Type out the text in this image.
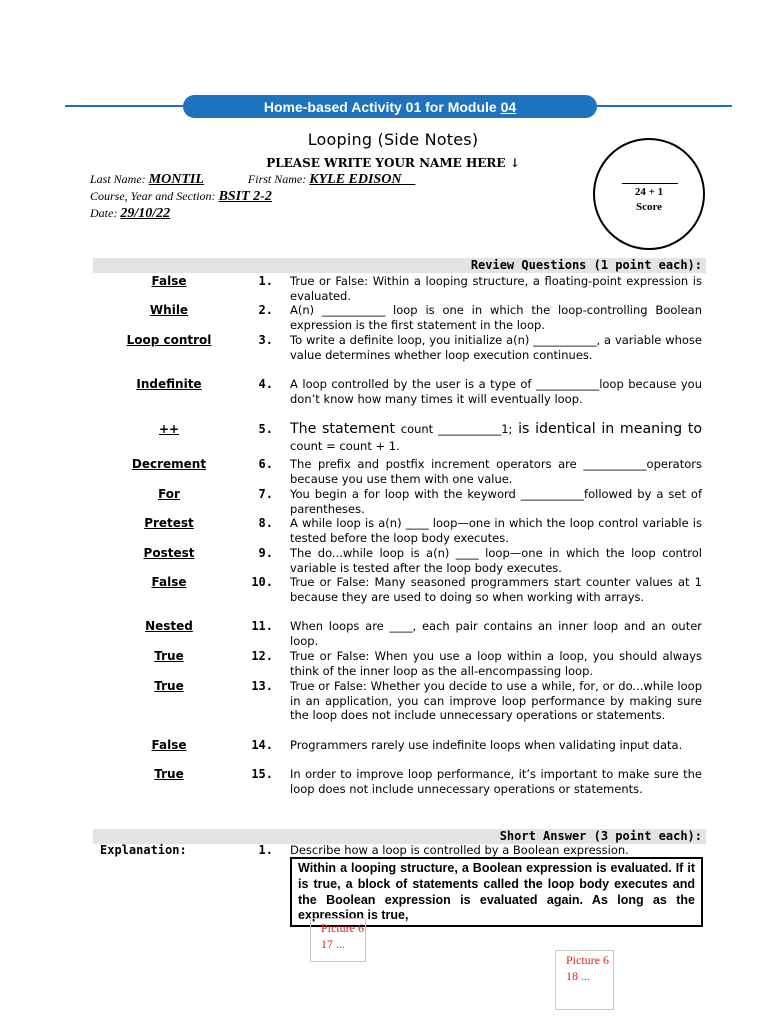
Home-based Activity 01 for Module 04
Looping (Side Notes)
PLEASE WRITE YOUR NAME HERE ↓
Last Name: MONTIL	First Name: KYLE EDISON
Course, Year and Section: BSIT 2-2
Date: 29/10/22
24 + 1
Score
Review Questions (1 point each):
False	1. True or False: Within a looping structure, a floating-point expression is evaluated.
While	2. A(n) ___________ loop is one in which the loop-controlling Boolean expression is the first statement in the loop.
Loop control	3. To write a definite loop, you initialize a(n) ___________, a variable whose value determines whether loop execution continues.
Indefinite	4. A loop controlled by the user is a type of ___________loop because you don’t know how many times it will eventually loop.
++	5. The statement count ___________1; is identical in meaning to count = count + 1.
Decrement	6. The prefix and postfix increment operators are ___________operators because you use them with one value.
For	7. You begin a for loop with the keyword ___________followed by a set of parentheses.
Pretest	8. A while loop is a(n) ____ loop—one in which the loop control variable is tested before the loop body executes.
Postest	9. The do...while loop is a(n) ____ loop—one in which the loop control variable is tested after the loop body executes.
False	10. True or False: Many seasoned programmers start counter values at 1 because they are used to doing so when working with arrays.
Nested	11. When loops are ____, each pair contains an inner loop and an outer loop.
True	12. True or False: When you use a loop within a loop, you should always think of the inner loop as the all-encompassing loop.
True	13. True or False: Whether you decide to use a while, for, or do...while loop in an application, you can improve loop performance by making sure the loop does not include unnecessary operations or statements.
False	14. Programmers rarely use indefinite loops when validating input data.
True	15. In order to improve loop performance, it’s important to make sure the loop does not include unnecessary operations or statements.
Short Answer (3 point each):
Explanation:	1. Describe how a loop is controlled by a Boolean expression.
Within a looping structure, a Boolean expression is evaluated. If it is true, a block of statements called the loop body executes and the Boolean expression is evaluated again. As long as the expression is true,
Picture 617 ...
Picture 618 ...
